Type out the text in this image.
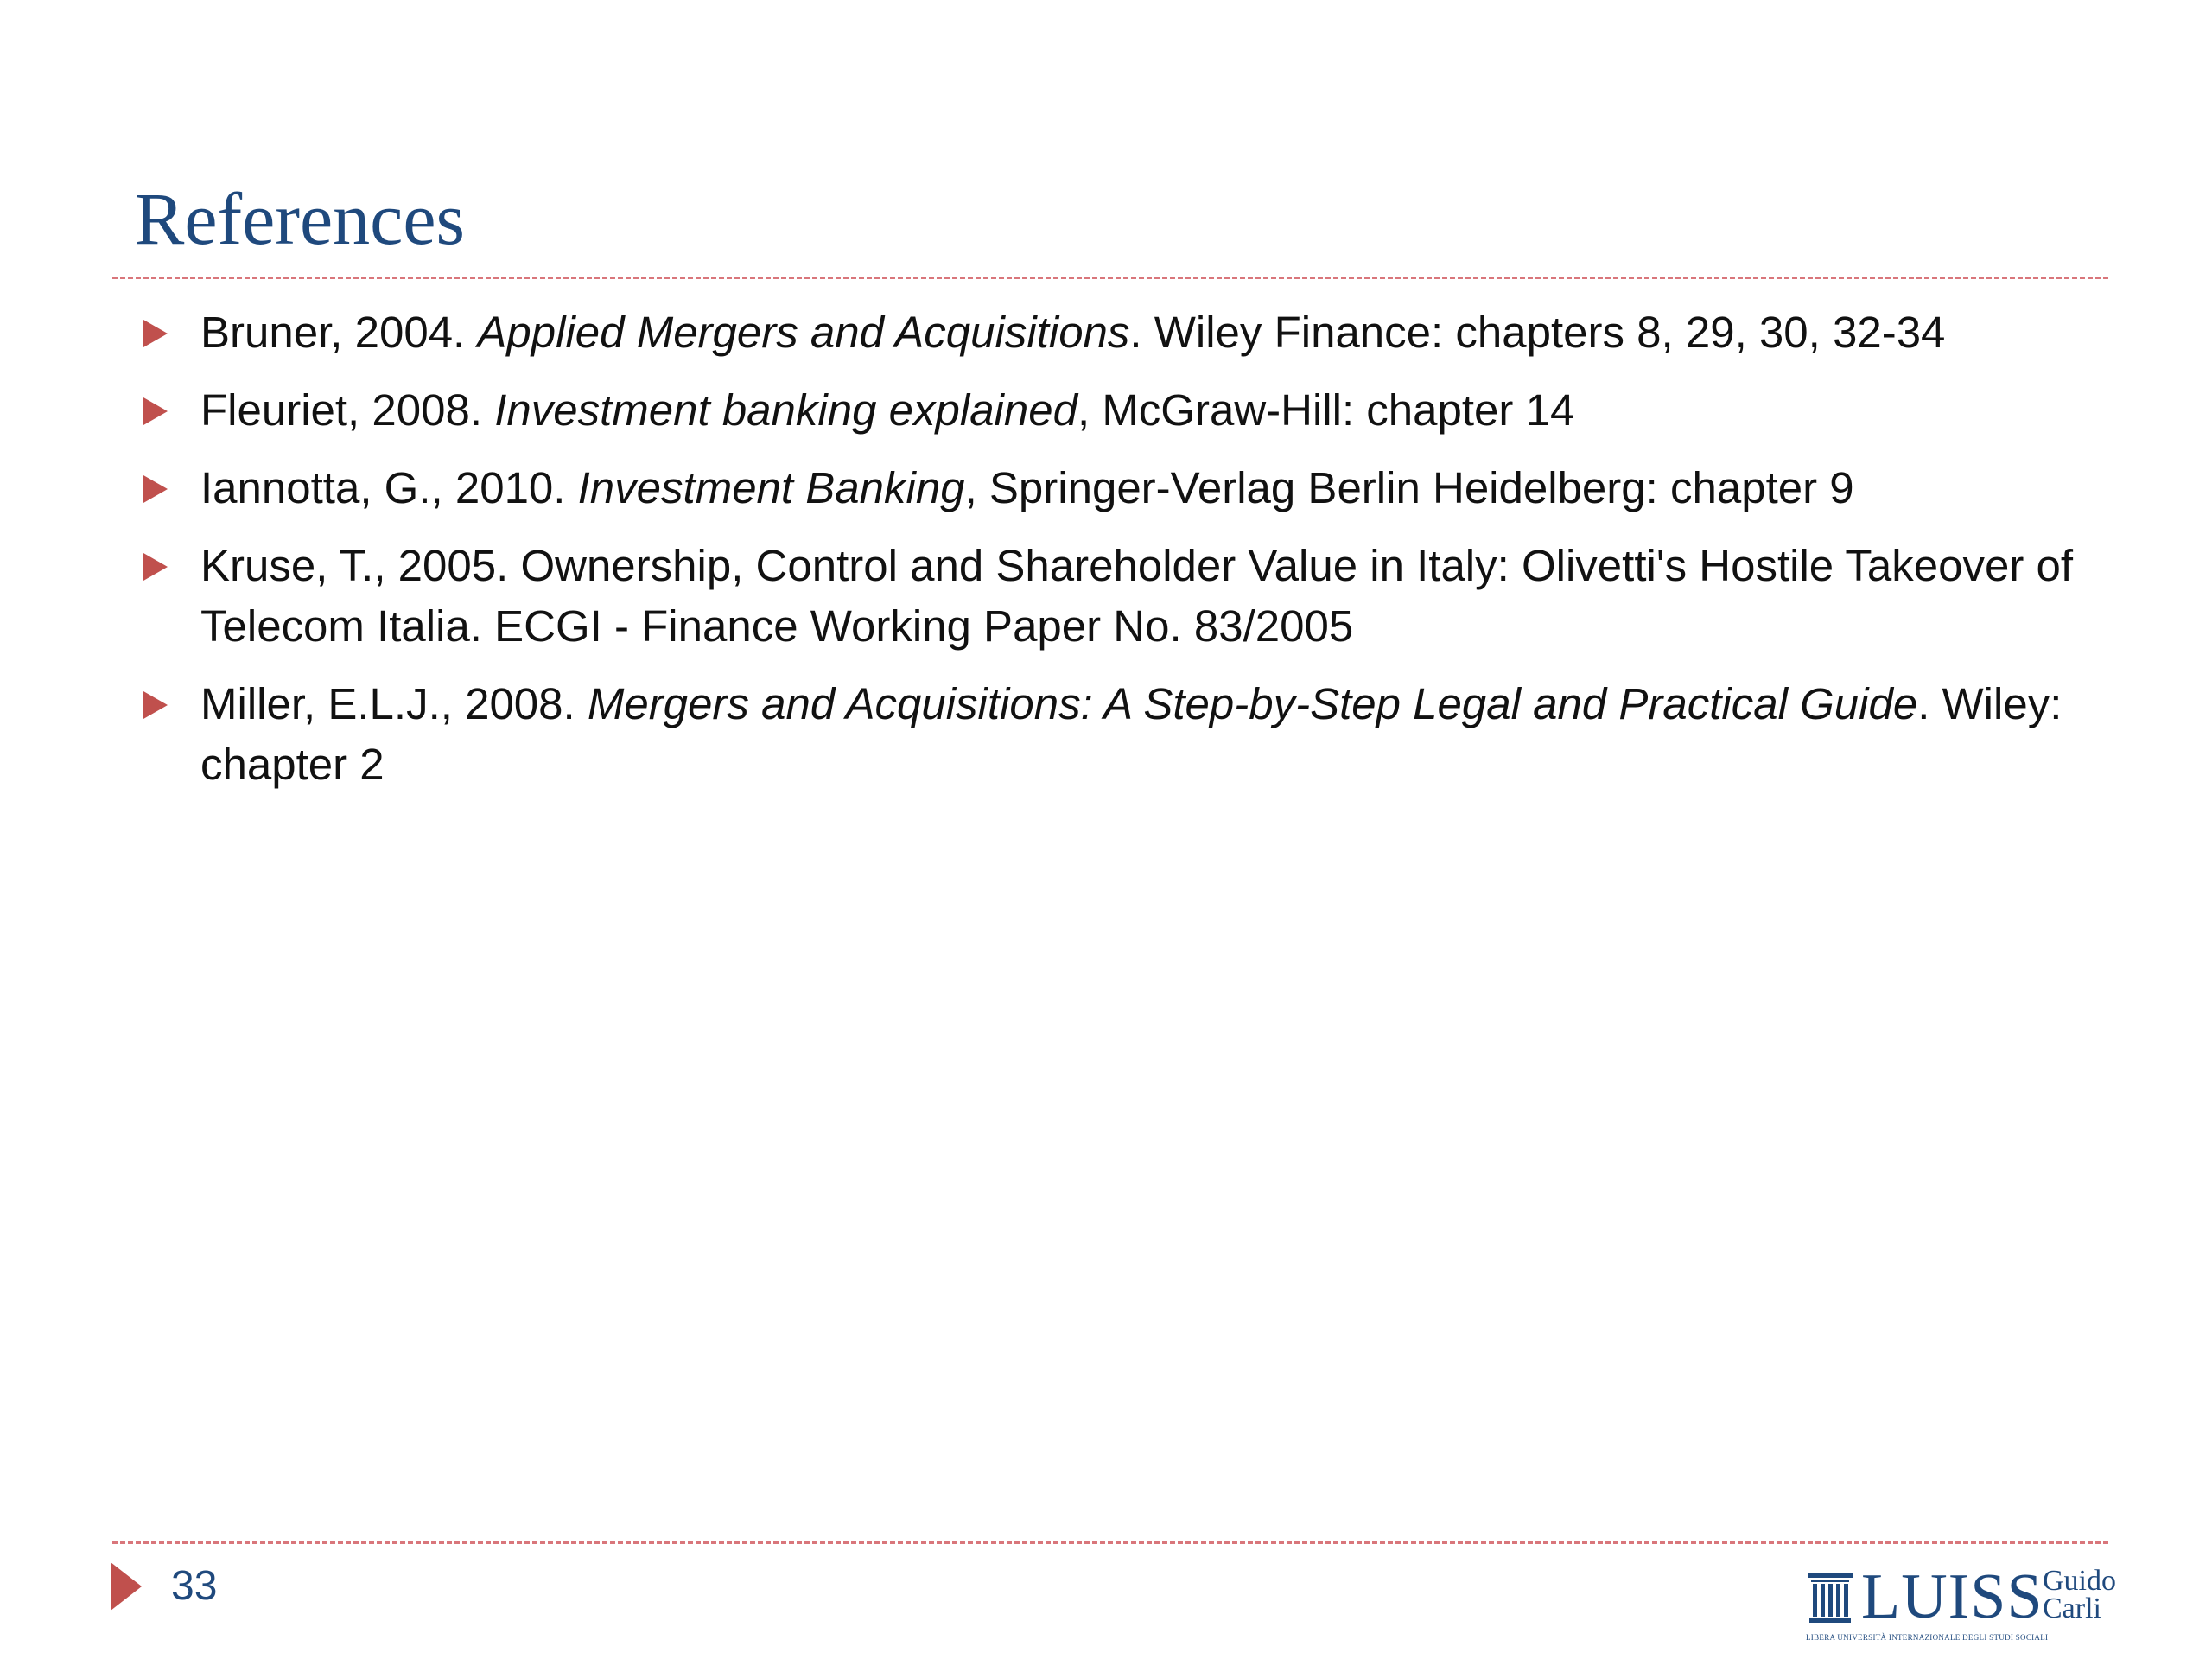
References
Bruner, 2004. Applied Mergers and Acquisitions. Wiley Finance: chapters 8, 29, 30, 32-34
Fleuriet, 2008. Investment banking explained, McGraw-Hill: chapter 14
Iannotta, G., 2010. Investment Banking, Springer-Verlag Berlin Heidelberg: chapter 9
Kruse, T., 2005. Ownership, Control and Shareholder Value in Italy: Olivetti's Hostile Takeover of Telecom Italia. ECGI - Finance Working Paper No. 83/2005
Miller, E.L.J., 2008. Mergers and Acquisitions: A Step-by-Step Legal and Practical Guide. Wiley: chapter 2
33	LUISS Guido
Carli
LIBERA UNIVERSITÀ INTERNAZIONALE DEGLI STUDI SOCIALI
